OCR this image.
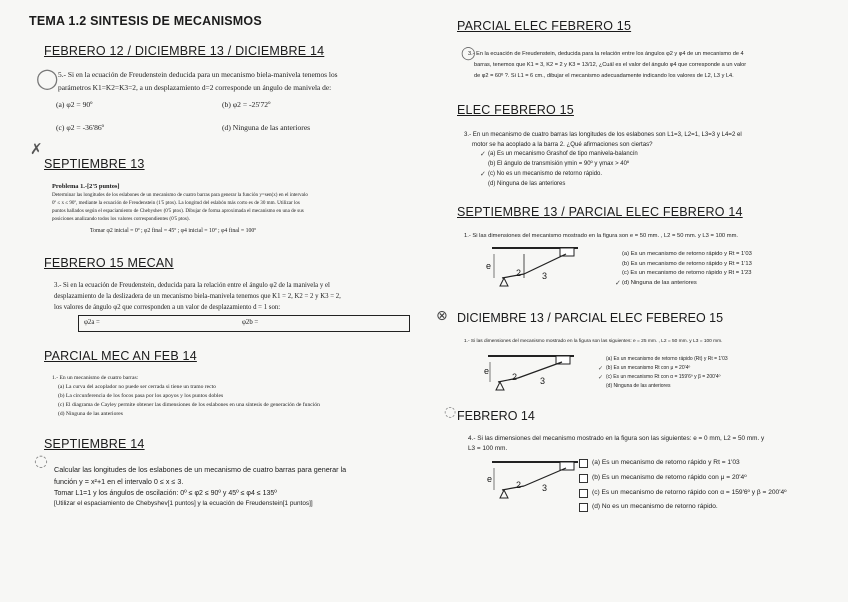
TEMA 1.2 SINTESIS DE MECANISMOS
FEBRERO 12 / DICIEMBRE 13 / DICIEMBRE 14
◯ 5.- Si en la ecuación de Freudenstein deducida para un mecanismo biela-manivela tenemos los
parámetros K1=K2=K3=2, a un desplazamiento d=2 corresponde un ángulo de manivela de:
(a) φ2 = 90º	(b) φ2 = -25'72º
(c) φ2 = -36'86º	(d) Ninguna de las anteriores
✗
SEPTIEMBRE 13
Problema 1.-[2'5 puntos]
Determinar las longitudes de los eslabones de un mecanismo de cuatro barras para generar la función y=sen(x) en el intervalo
0º ≤ x ≤ 90º, mediante la ecuación de Freudenstein (1'5 ptos). La longitud del eslabón más corto es de 30 mm. Utilizar los
puntos hallados según el espaciamiento de Chebyshev (0'5 ptos). Dibujar de forma aproximada el mecanismo en una de sus
posiciones analizando todos los valores correspondientes (0'5 ptos).
Tomar φ2 inicial = 0º ; φ2 final = 45º ; φ4 inicial = 10º ; φ4 final = 100º
FEBRERO 15 MECAN
3.- Si en la ecuación de Freudenstein, deducida para la relación entre el ángulo φ2 de la manivela y el
desplazamiento de la deslizadera de un mecanismo biela-manivela tenemos que K1 = 2, K2 = 2 y K3 = 2,
los valores de ángulo φ2 que corresponden a un valor de desplazamiento d = 1 son:
φ2a =	φ2b =
PARCIAL MEC AN FEB 14
1.- En un mecanismo de cuatro barras:
(a) La curva del acoplador no puede ser cerrada si tiene un tramo recto
(b) La circunferencia de los focos pasa por los apoyos y los puntos dobles
(c) El diagrama de Cayley permite obtener las dimensiones de los eslabones en una síntesis de generación de función
(d) Ninguna de las anteriores
SEPTIEMBRE 14
◌ Calcular las longitudes de los eslabones de un mecanismo de cuatro barras para generar la
función y = x²+1 en el intervalo 0 ≤ x ≤ 3.
Tomar L1=1 y los ángulos de oscilación: 0º ≤ φ2 ≤ 90º y 45º ≤ φ4 ≤ 135º
[Utilizar el espaciamiento de Chebyshev[1 puntos] y la ecuación de Freudenstein[1 puntos]]
PARCIAL ELEC FEBRERO 15
◯
3.- En la ecuación de Freudenstein, deducida para la relación entre los ángulos φ2 y φ4 de un mecanismo de 4
barras, tenemos que K1 = 3, K2 = 2 y K3 = 13/12, ¿Cuál es el valor del ángulo φ4 que corresponde a un valor
de φ2 = 60º ?. Si L1 = 6 cm., dibujar el mecanismo adecuadamente indicando los valores de L2, L3 y L4.
ELEC FEBRERO 15
3.- En un mecanismo de cuatro barras las longitudes de los eslabones son L1=3, L2=1, L3=3 y L4=2 el
motor se ha acoplado a la barra 2. ¿Qué afirmaciones son ciertas?
(a) Es un mecanismo Grashof de tipo manivela-balancín
(b) El ángulo de transmisión γmin = 90º y γmax > 40º
(c) No es un mecanismo de retorno rápido.
(d) Ninguna de las anteriores
✓
✓
SEPTIEMBRE 13 / PARCIAL ELEC FEBRERO 14
1.- Si las dimensiones del mecanismo mostrado en la figura son e = 50 mm. , L2 = 50 mm. y L3 = 100 mm.
e
2 3
(a) Es un mecanismo de retorno rápido y Rt = 1'03
(b) Es un mecanismo de retorno rápido y Rt = 1'13
(c) Es un mecanismo de retorno rápido y Rt = 1'23
(d) Ninguna de las anteriores
✓
⊗ DICIEMBRE 13 / PARCIAL ELEC FEBEREO 15
1.- Si las dimensiones del mecanismo mostrado en la figura son las siguientes: e = 25 mm. , L2 = 50 mm. y L3 = 100 mm.
e
2	3
(a) Es un mecanismo de retorno rápido (Rt) y Rt = 1'03
(b) Es un mecanismo Rt con μ = 20'4º
(c) Es un mecanismo Rt con α = 159'6º y β = 200'4º
(d) Ninguna de las anteriores
✓
✓
◌ FEBRERO 14
4.- Si las dimensiones del mecanismo mostrado en la figura son las siguientes: e = 0 mm, L2 = 50 mm. y
L3 = 100 mm.
e
2 3
(a) Es un mecanismo de retorno rápido y Rt = 1'03
(b) Es un mecanismo de retorno rápido con μ = 20'4º
(c) Es un mecanismo de retorno rápido con α = 159'6º y β = 200'4º
(d) No es un mecanismo de retorno rápido.
